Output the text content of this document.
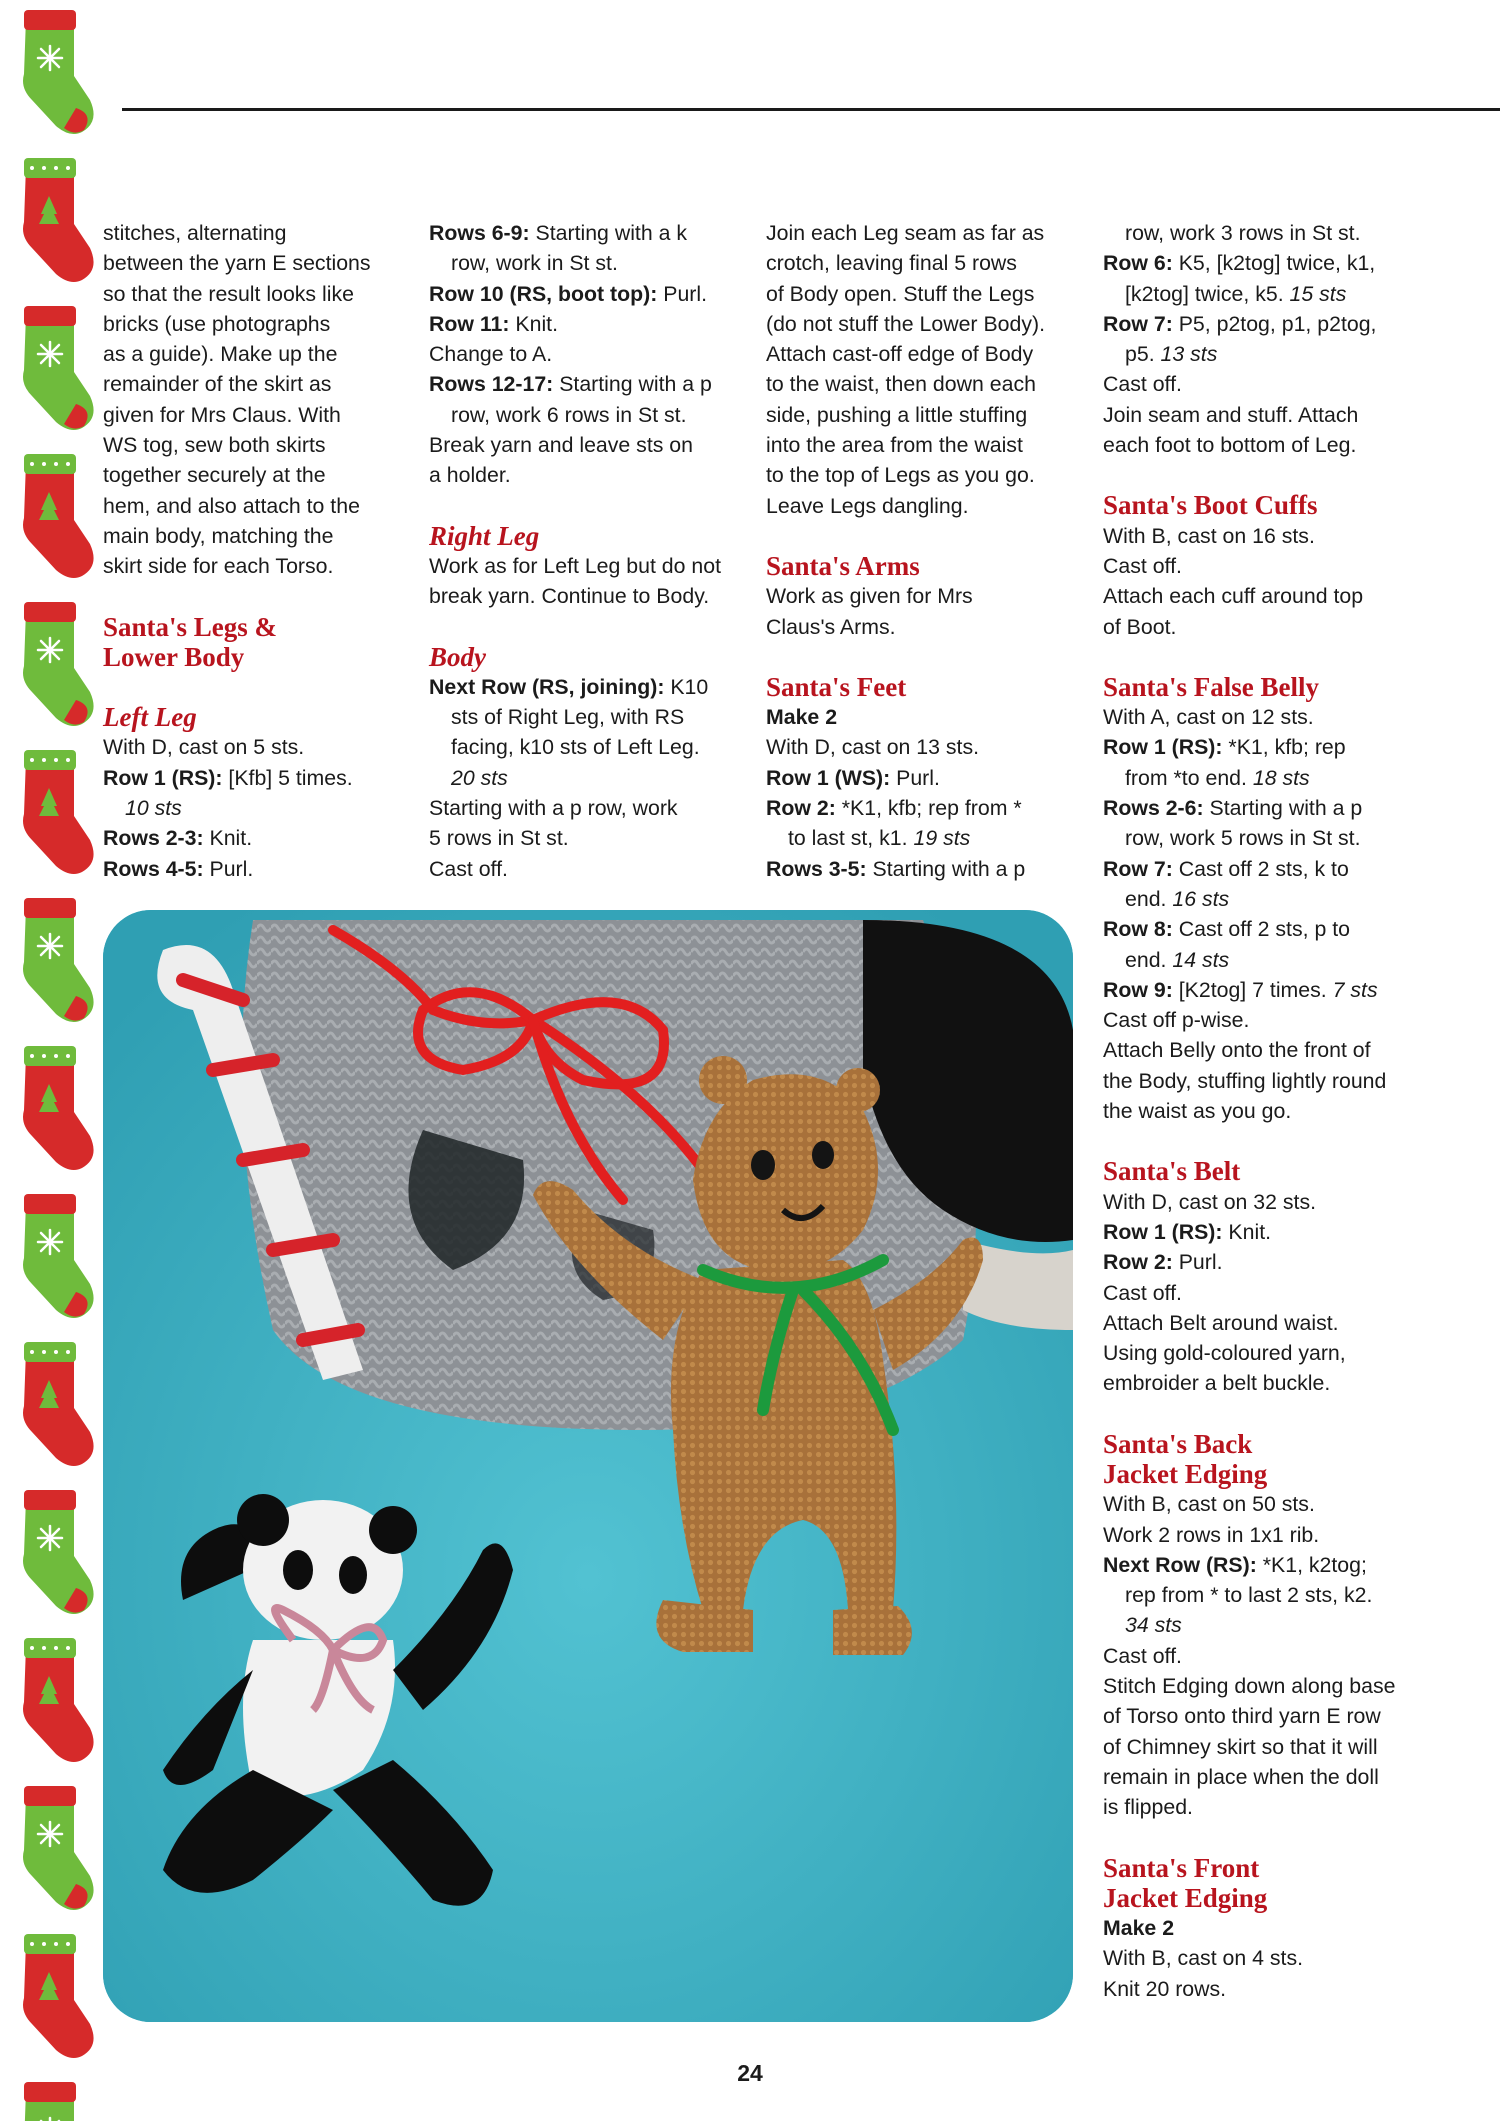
stitches, alternating

between the yarn E sections

so that the result looks like

bricks (use photographs

as a guide). Make up the

remainder of the skirt as

given for Mrs Claus. With

WS tog, sew both skirts

together securely at the

hem, and also attach to the

main body, matching the

skirt side for each Torso.

Santa's Legs &
Lower Body
Left Leg

With D, cast on 5 sts.

Row 1 (RS): [Kfb] 5 times.

10 sts

Rows 2-3: Knit.

Rows 4-5: Purl.

Rows 6-9: Starting with a k

row, work in St st.

Row 10 (RS, boot top): Purl.

Row 11: Knit.

Change to A.

Rows 12-17: Starting with a p

row, work 6 rows in St st.

Break yarn and leave sts on

a holder.

Right Leg

Work as for Left Leg but do not

break yarn. Continue to Body.

Body

Next Row (RS, joining): K10

sts of Right Leg, with RS

facing, k10 sts of Left Leg.

20 sts

Starting with a p row, work

5 rows in St st.

Cast off.

Join each Leg seam as far as

crotch, leaving final 5 rows

of Body open. Stuff the Legs

(do not stuff the Lower Body).

Attach cast-off edge of Body

to the waist, then down each

side, pushing a little stuffing

into the area from the waist

to the top of Legs as you go.

Leave Legs dangling.

Santa's Arms

Work as given for Mrs

Claus's Arms.

Santa's Feet

Make 2

With D, cast on 13 sts.

Row 1 (WS): Purl.

Row 2: *K1, kfb; rep from *

to last st, k1. 19 sts

Rows 3-5: Starting with a p

row, work 3 rows in St st.

Row 6: K5, [k2tog] twice, k1,

[k2tog] twice, k5. 15 sts

Row 7: P5, p2tog, p1, p2tog,

p5. 13 sts

Cast off.

Join seam and stuff. Attach

each foot to bottom of Leg.

Santa's Boot Cuffs

With B, cast on 16 sts.

Cast off.

Attach each cuff around top

of Boot.

Santa's False Belly

With A, cast on 12 sts.

Row 1 (RS): *K1, kfb; rep

from *to end. 18 sts

Rows 2-6: Starting with a p

row, work 5 rows in St st.

Row 7: Cast off 2 sts, k to

end. 16 sts

Row 8: Cast off 2 sts, p to

end. 14 sts

Row 9: [K2tog] 7 times. 7 sts

Cast off p-wise.

Attach Belly onto the front of

the Body, stuffing lightly round

the waist as you go.

Santa's Belt

With D, cast on 32 sts.

Row 1 (RS): Knit.

Row 2: Purl.

Cast off.

Attach Belt around waist.

Using gold-coloured yarn,

embroider a belt buckle.

Santa's Back
Jacket Edging

With B, cast on 50 sts.

Work 2 rows in 1x1 rib.

Next Row (RS): *K1, k2tog;

rep from * to last 2 sts, k2.

34 sts

Cast off.

Stitch Edging down along base

of Torso onto third yarn E row

of Chimney skirt so that it will

remain in place when the doll

is flipped.

Santa's Front
Jacket Edging

Make 2

With B, cast on 4 sts.

Knit 20 rows.

24
